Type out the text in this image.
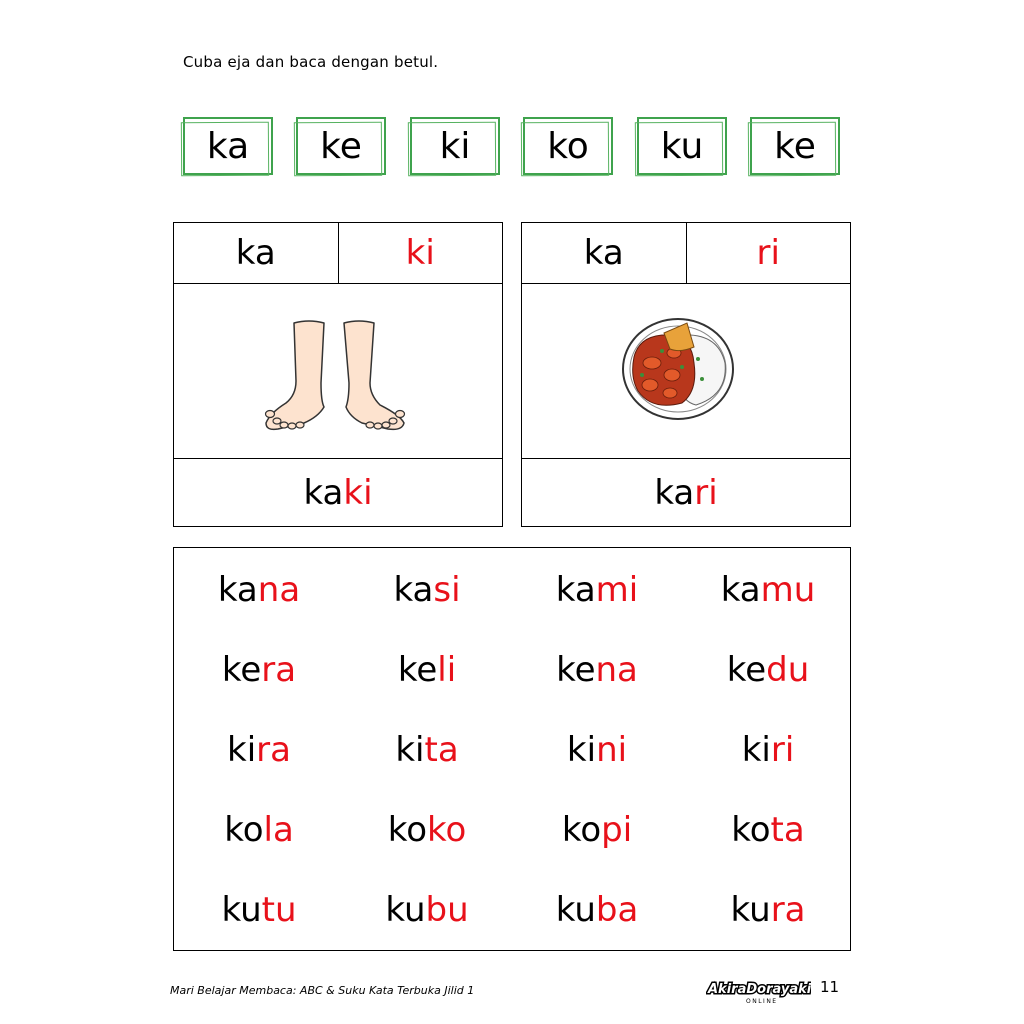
Cuba eja dan baca dengan betul.
ka	ke	ki	ko	ku	ke
ka	ki
ka ki
ka	ri
ka ri
kana	kasi	kami	kamu
kera	keli	kena	kedu
kira	kita	kini	kiri
kola	koko	kopi	kota
kutu	kubu	kuba	kura
Mari Belajar Membaca: ABC & Suku Kata Terbuka Jilid 1	AkiraDorayaki
ONLINE
11
